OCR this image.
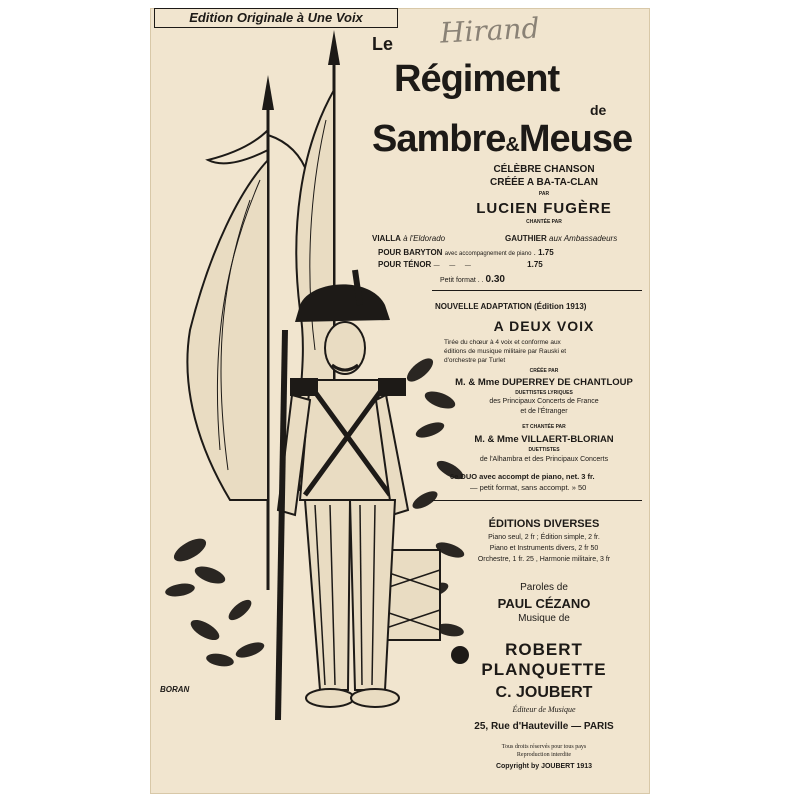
Edition Originale à Une Voix	Hirand
BORAN
Le
Régiment
de
Sambre&Meuse
CÉLÈBRE CHANSON
CRÉÉE A BA-TA-CLAN
PAR
LUCIEN FUGÈRE
CHANTÉE PAR
VIALLA à l'Eldorado	GAUTHIER aux Ambassadeurs
POUR BARYTON avec accompagnement de piano . 1.75
POUR TÉNOR — — —	1.75
Petit format . . 0.30
NOUVELLE ADAPTATION (Édition 1913)
A DEUX VOIX
Tirée du chœur à 4 voix et conforme aux
éditions de musique militaire par Rauski et
d'orchestre par Turlet
CRÉÉE PAR
M. & Mme DUPERREY DE CHANTLOUP
DUETTISTES LYRIQUES
des Principaux Concerts de France
et de l'Étranger
ET CHANTÉE PAR
M. & Mme VILLAERT-BLORIAN
DUETTISTES
de l'Alhambra et des Principaux Concerts
6e DUO avec accompt de piano, net. 3 fr.
— petit format, sans accompt. » 50
ÉDITIONS DIVERSES
Piano seul, 2 fr ; Édition simple, 2 fr.
Piano et Instruments divers, 2 fr 50
Orchestre, 1 fr. 25 , Harmonie militaire, 3 fr
Paroles de
PAUL CÉZANO
Musique de
ROBERT PLANQUETTE
C. JOUBERT
Éditeur de Musique
25, Rue d'Hauteville — PARIS
Tous droits réservés pour tous pays
Reproduction interdite
Copyright by JOUBERT 1913
